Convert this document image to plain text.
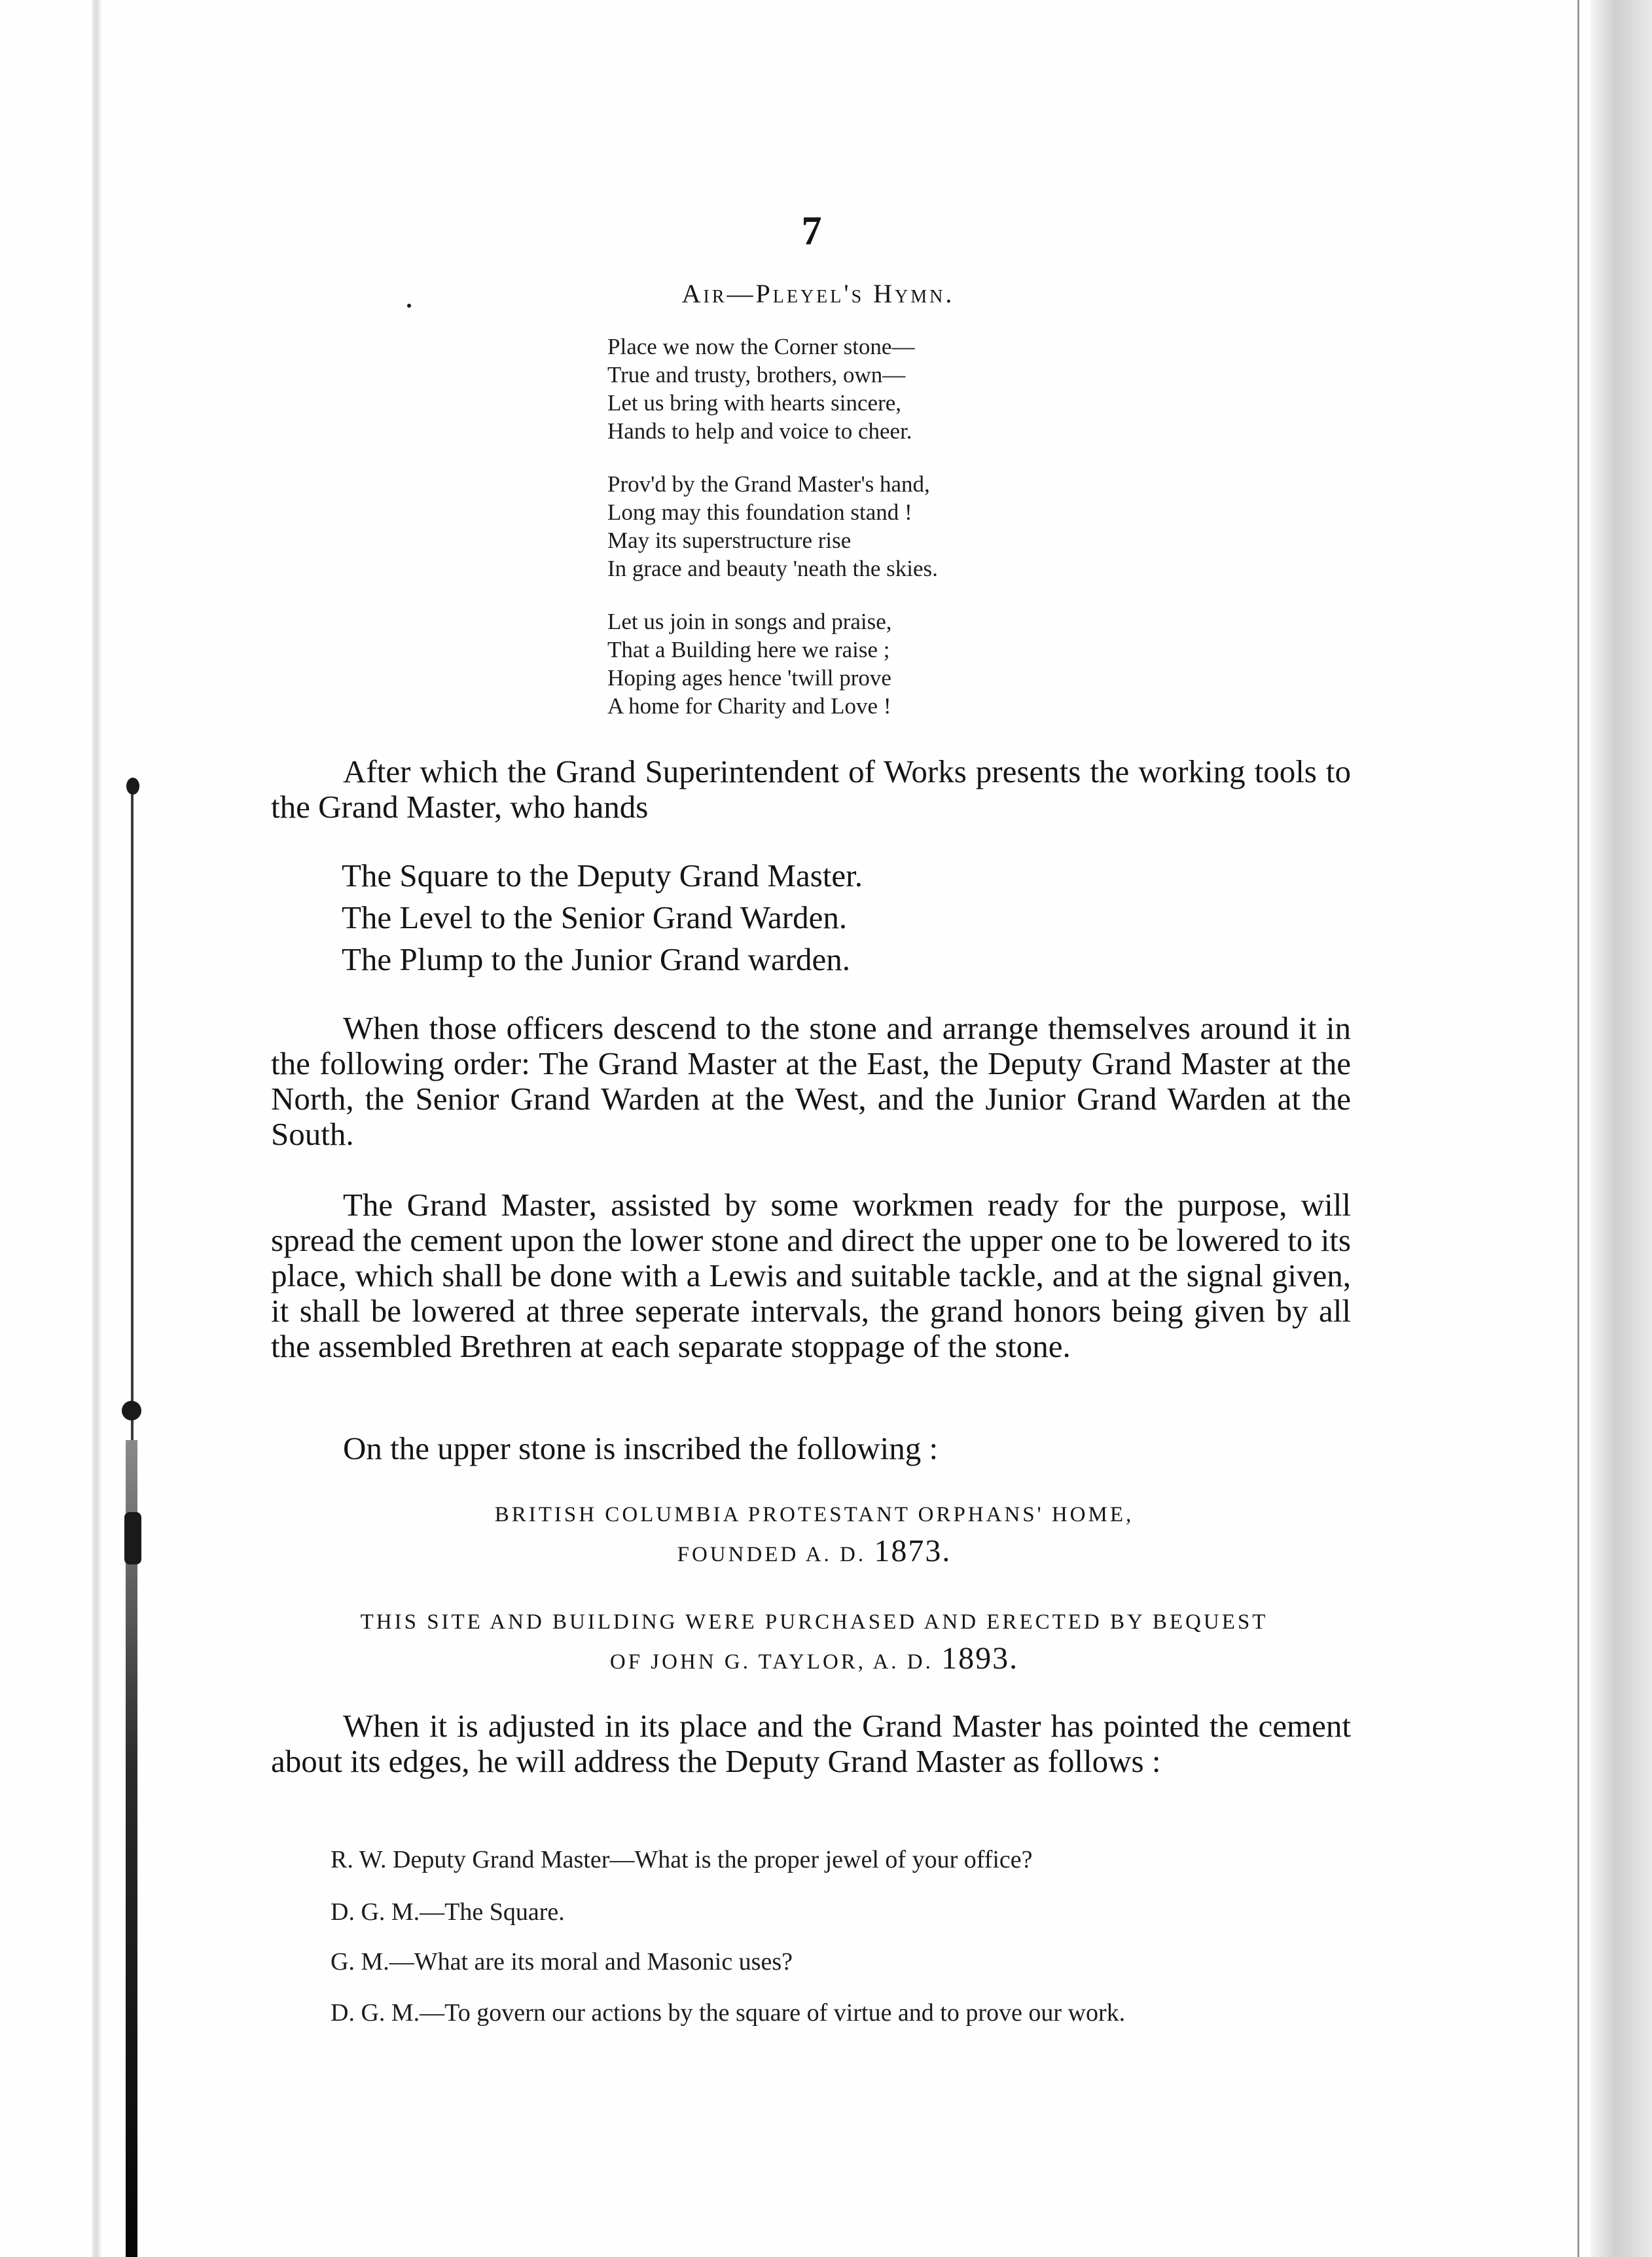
7
Air—Pleyel's Hymn.
Place we now the Corner stone—
True and trusty, brothers, own—
Let us bring with hearts sincere,
Hands to help and voice to cheer.
Prov'd by the Grand Master's hand,
Long may this foundation stand !
May its superstructure rise
In grace and beauty 'neath the skies.
Let us join in songs and praise,
That a Building here we raise ;
Hoping ages hence 'twill prove
A home for Charity and Love !
After which the Grand Superintendent of Works presents the working tools to the Grand Master, who hands
The Square to the Deputy Grand Master.
The Level to the Senior Grand Warden.
The Plump to the Junior Grand warden.
When those officers descend to the stone and arrange themselves around it in the following order: The Grand Master at the East, the Deputy Grand Master at the North, the Senior Grand Warden at the West, and the Junior Grand Warden at the South.
The Grand Master, assisted by some workmen ready for the purpose, will spread the cement upon the lower stone and direct the upper one to be lowered to its place, which shall be done with a Lewis and suitable tackle, and at the signal given, it shall be lowered at three seperate intervals, the grand honors being given by all the assembled Brethren at each separate stoppage of the stone.
On the upper stone is inscribed the following :
BRITISH COLUMBIA PROTESTANT ORPHANS' HOME,
FOUNDED A. D. 1873.
THIS SITE AND BUILDING WERE PURCHASED AND ERECTED BY BEQUEST
OF JOHN G. TAYLOR, A. D. 1893.
When it is adjusted in its place and the Grand Master has pointed the cement about its edges, he will address the Deputy Grand Master as follows :
R. W. Deputy Grand Master—What is the proper jewel of your office?
D. G. M.—The Square.
G. M.—What are its moral and Masonic uses?
D. G. M.—To govern our actions by the square of virtue and to prove our work.
